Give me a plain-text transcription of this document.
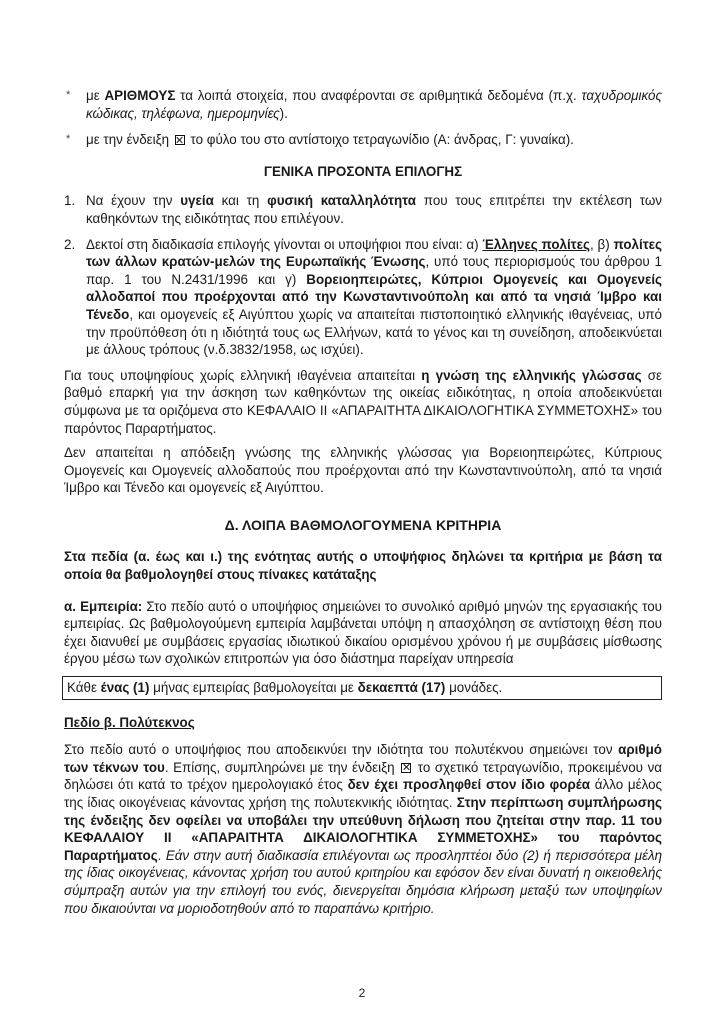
* με ΑΡΙΘΜΟΥΣ τα λοιπά στοιχεία, που αναφέρονται σε αριθμητικά δεδομένα (π.χ. ταχυδρομικός κώδικας, τηλέφωνα, ημερομηνίες).

* με την ένδειξη  το φύλο του στο αντίστοιχο τετραγωνίδιο (Α: άνδρας, Γ: γυναίκα).

ΓΕΝΙΚΑ ΠΡΟΣΟΝΤΑ ΕΠΙΛΟΓΗΣ

1. Να έχουν την υγεία και τη φυσική καταλληλότητα που τους επιτρέπει την εκτέλεση των καθηκόντων της ειδικότητας που επιλέγουν.

2. Δεκτοί στη διαδικασία επιλογής γίνονται οι υποψήφιοι που είναι: α) Έλληνες πολίτες, β) πολίτες των άλλων κρατών-μελών της Ευρωπαϊκής Ένωσης, υπό τους περιορισμούς του άρθρου 1 παρ. 1 του Ν.2431/1996 και γ) Βορειοηπειρώτες, Κύπριοι Ομογενείς και Ομογενείς αλλοδαποί που προέρχονται από την Κωνσταντινούπολη και από τα νησιά Ίμβρο και Τένεδο, και ομογενείς εξ Αιγύπτου χωρίς να απαιτείται πιστοποιητικό ελληνικής ιθαγένειας, υπό την προϋπόθεση ότι η ιδιότητά τους ως Ελλήνων, κατά το γένος και τη συνείδηση, αποδεικνύεται με άλλους τρόπους (ν.δ.3832/1958, ως ισχύει).

Για τους υποψηφίους χωρίς ελληνική ιθαγένεια απαιτείται η γνώση της ελληνικής γλώσσας σε βαθμό επαρκή για την άσκηση των καθηκόντων της οικείας ειδικότητας, η οποία αποδεικνύεται σύμφωνα με τα οριζόμενα στο ΚΕΦΑΛΑΙΟ ΙΙ «ΑΠΑΡΑΙΤΗΤΑ ΔΙΚΑΙΟΛΟΓΗΤΙΚΑ ΣΥΜΜΕΤΟΧΗΣ» του παρόντος Παραρτήματος.

Δεν απαιτείται η απόδειξη γνώσης της ελληνικής γλώσσας για Βορειοηπειρώτες, Κύπριους Ομογενείς και Ομογενείς αλλοδαπούς που προέρχονται από την Κωνσταντινούπολη, από τα νησιά Ίμβρο και Τένεδο και ομογενείς εξ Αιγύπτου.

Δ. ΛΟΙΠΑ ΒΑΘΜΟΛΟΓΟΥΜΕΝΑ ΚΡΙΤΗΡΙΑ

Στα πεδία (α. έως και ι.) της ενότητας αυτής ο υποψήφιος δηλώνει τα κριτήρια με βάση τα οποία θα βαθμολογηθεί στους πίνακες κατάταξης

α. Εμπειρία: Στο πεδίο αυτό ο υποψήφιος σημειώνει το συνολικό αριθμό μηνών της εργασιακής του εμπειρίας. Ως βαθμολογούμενη εμπειρία λαμβάνεται υπόψη η απασχόληση σε αντίστοιχη θέση που έχει διανυθεί με συμβάσεις εργασίας ιδιωτικού δικαίου ορισμένου χρόνου ή με συμβάσεις μίσθωσης έργου μέσω των σχολικών επιτροπών για όσο διάστημα παρείχαν υπηρεσία

Κάθε ένας (1) μήνας εμπειρίας βαθμολογείται με δεκαεπτά (17) μονάδες.

Πεδίο β. Πολύτεκνος

Στο πεδίο αυτό ο υποψήφιος που αποδεικνύει την ιδιότητα του πολυτέκνου σημειώνει τον αριθμό των τέκνων του. Επίσης, συμπληρώνει με την ένδειξη  το σχετικό τετραγωνίδιο, προκειμένου να δηλώσει ότι κατά το τρέχον ημερολογιακό έτος δεν έχει προσληφθεί στον ίδιο φορέα άλλο μέλος της ίδιας οικογένειας κάνοντας χρήση της πολυτεκνικής ιδιότητας. Στην περίπτωση συμπλήρωσης της ένδειξης δεν οφείλει να υποβάλει την υπεύθυνη δήλωση που ζητείται στην παρ. 11 του ΚΕΦΑΛΑΙΟΥ ΙΙ «ΑΠΑΡΑΙΤΗΤΑ ΔΙΚΑΙΟΛΟΓΗΤΙΚΑ ΣΥΜΜΕΤΟΧΗΣ» του παρόντος Παραρτήματος. Εάν στην αυτή διαδικασία επιλέγονται ως προσληπτέοι δύο (2) ή περισσότερα μέλη της ίδιας οικογένειας, κάνοντας χρήση του αυτού κριτηρίου και εφόσον δεν είναι δυνατή η οικειοθελής σύμπραξη αυτών για την επιλογή του ενός, διενεργείται δημόσια κλήρωση μεταξύ των υποψηφίων που δικαιούνται να μοριοδοτηθούν από το παραπάνω κριτήριο.

2
